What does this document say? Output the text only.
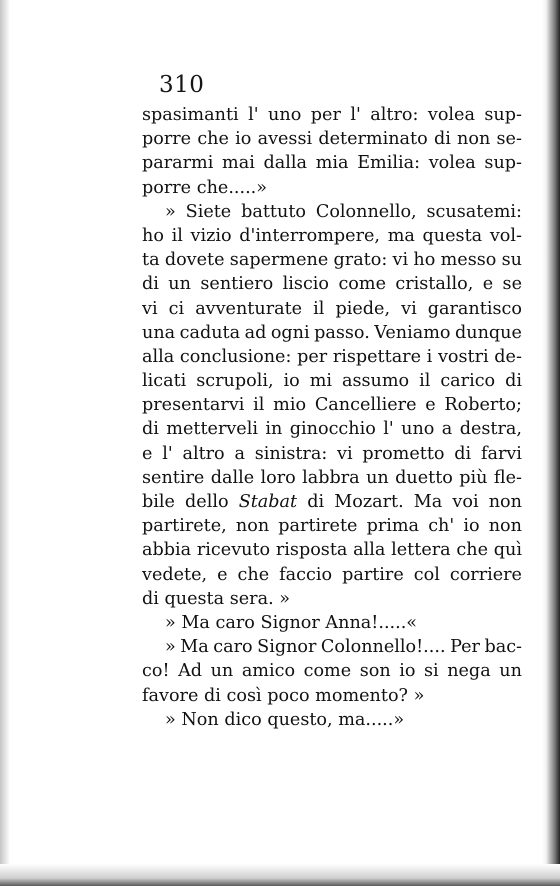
310
spasimanti l' uno per l' altro: volea sup-
porre che io avessi determinato di non se-
pararmi mai dalla mia Emilia: volea sup-
porre che.....»
» Siete battuto Colonnello, scusatemi:
ho il vizio d'interrompere, ma questa vol-
ta dovete sapermene grato: vi ho messo su
di un sentiero liscio come cristallo, e se
vi ci avventurate il piede, vi garantisco
una caduta ad ogni passo. Veniamo dunque
alla conclusione: per rispettare i vostri de-
licati scrupoli, io mi assumo il carico di
presentarvi il mio Cancelliere e Roberto;
di metterveli in ginocchio l' uno a destra,
e l' altro a sinistra: vi prometto di farvi
sentire dalle loro labbra un duetto più fle-
bile dello Stabat di Mozart. Ma voi non
partirete, non partirete prima ch' io non
abbia ricevuto risposta alla lettera che quì
vedete, e che faccio partire col corriere
di questa sera. »
» Ma caro Signor Anna!.....«
» Ma caro Signor Colonnello!.... Per bac-
co! Ad un amico come son io si nega un
favore di così poco momento? »
» Non dico questo, ma.....»
